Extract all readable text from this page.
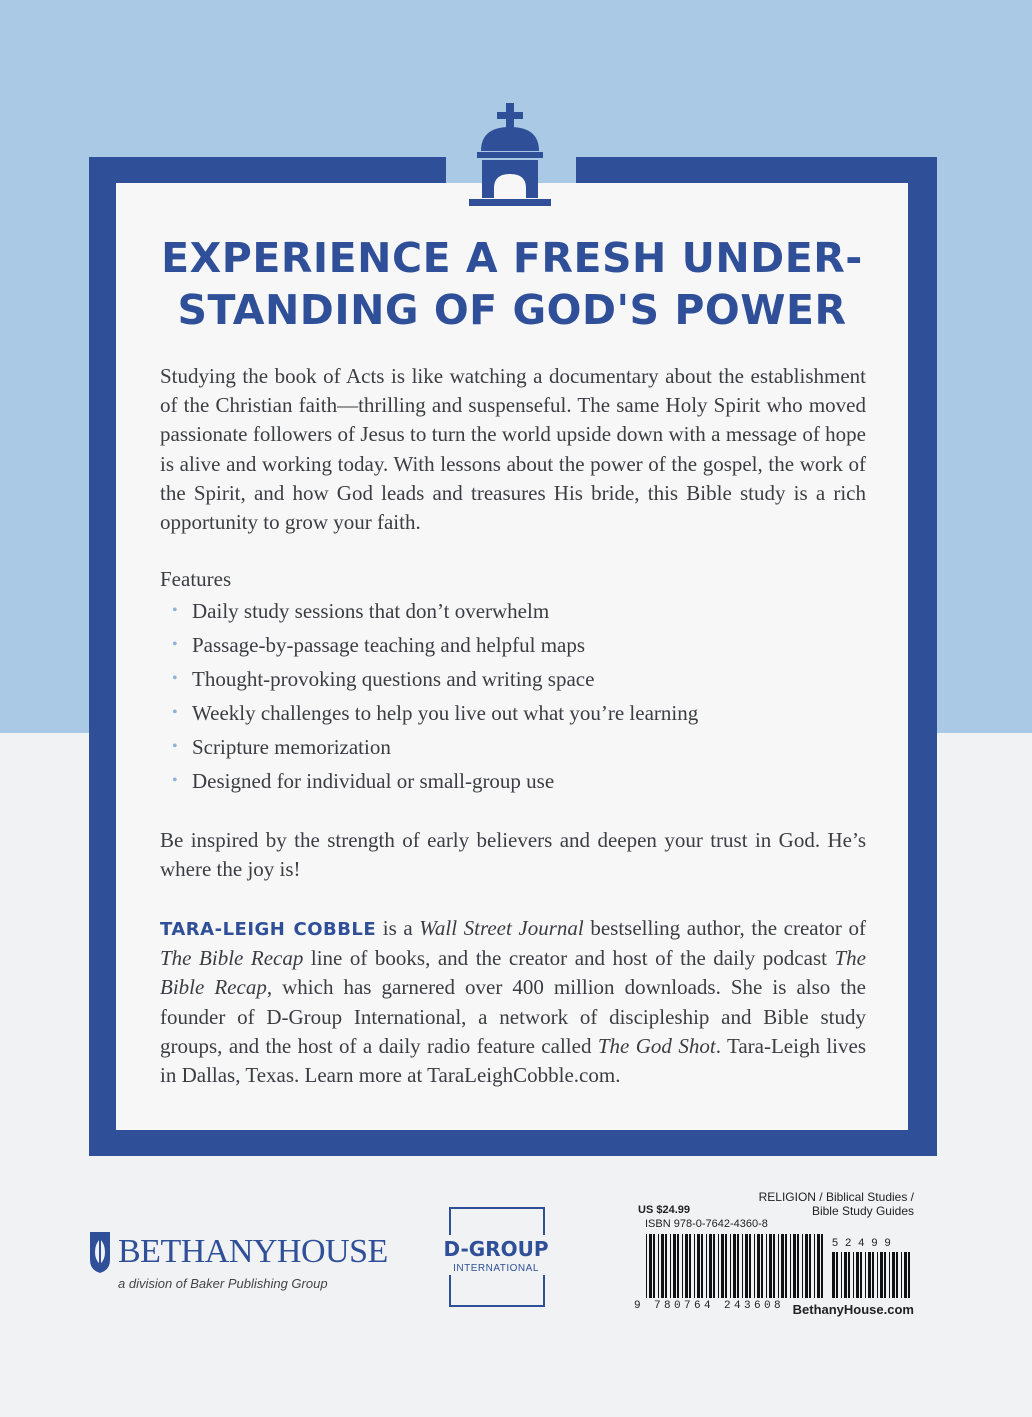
EXPERIENCE A FRESH UNDER-
STANDING OF GOD'S POWER

Studying the book of Acts is like watching a documentary about the establishment of the Christian faith—thrilling and suspenseful. The same Holy Spirit who moved passionate followers of Jesus to turn the world upside down with a message of hope is alive and working today. With lessons about the power of the gospel, the work of the Spirit, and how God leads and treasures His bride, this Bible study is a rich opportunity to grow your faith.

Features
• Daily study sessions that don’t overwhelm
• Passage-by-passage teaching and helpful maps
• Thought-provoking questions and writing space
• Weekly challenges to help you live out what you’re learning
• Scripture memorization
• Designed for individual or small-group use

Be inspired by the strength of early believers and deepen your trust in God. He’s where the joy is!

TARA-LEIGH COBBLE is a Wall Street Journal bestselling author, the creator of The Bible Recap line of books, and the creator and host of the daily podcast The Bible Recap, which has garnered over 400 million downloads. She is also the founder of D-Group International, a network of discipleship and Bible study groups, and the host of a daily radio feature called The God Shot. Tara-Leigh lives in Dallas, Texas. Learn more at TaraLeighCobble.com.

BETHANYHOUSE
a division of Baker Publishing Group
D-GROUP
INTERNATIONAL
RELIGION / Biblical Studies /
Bible Study Guides
US $24.99
ISBN 978-0-7642-4360-8
52499
9 780764 243608 BethanyHouse.com
